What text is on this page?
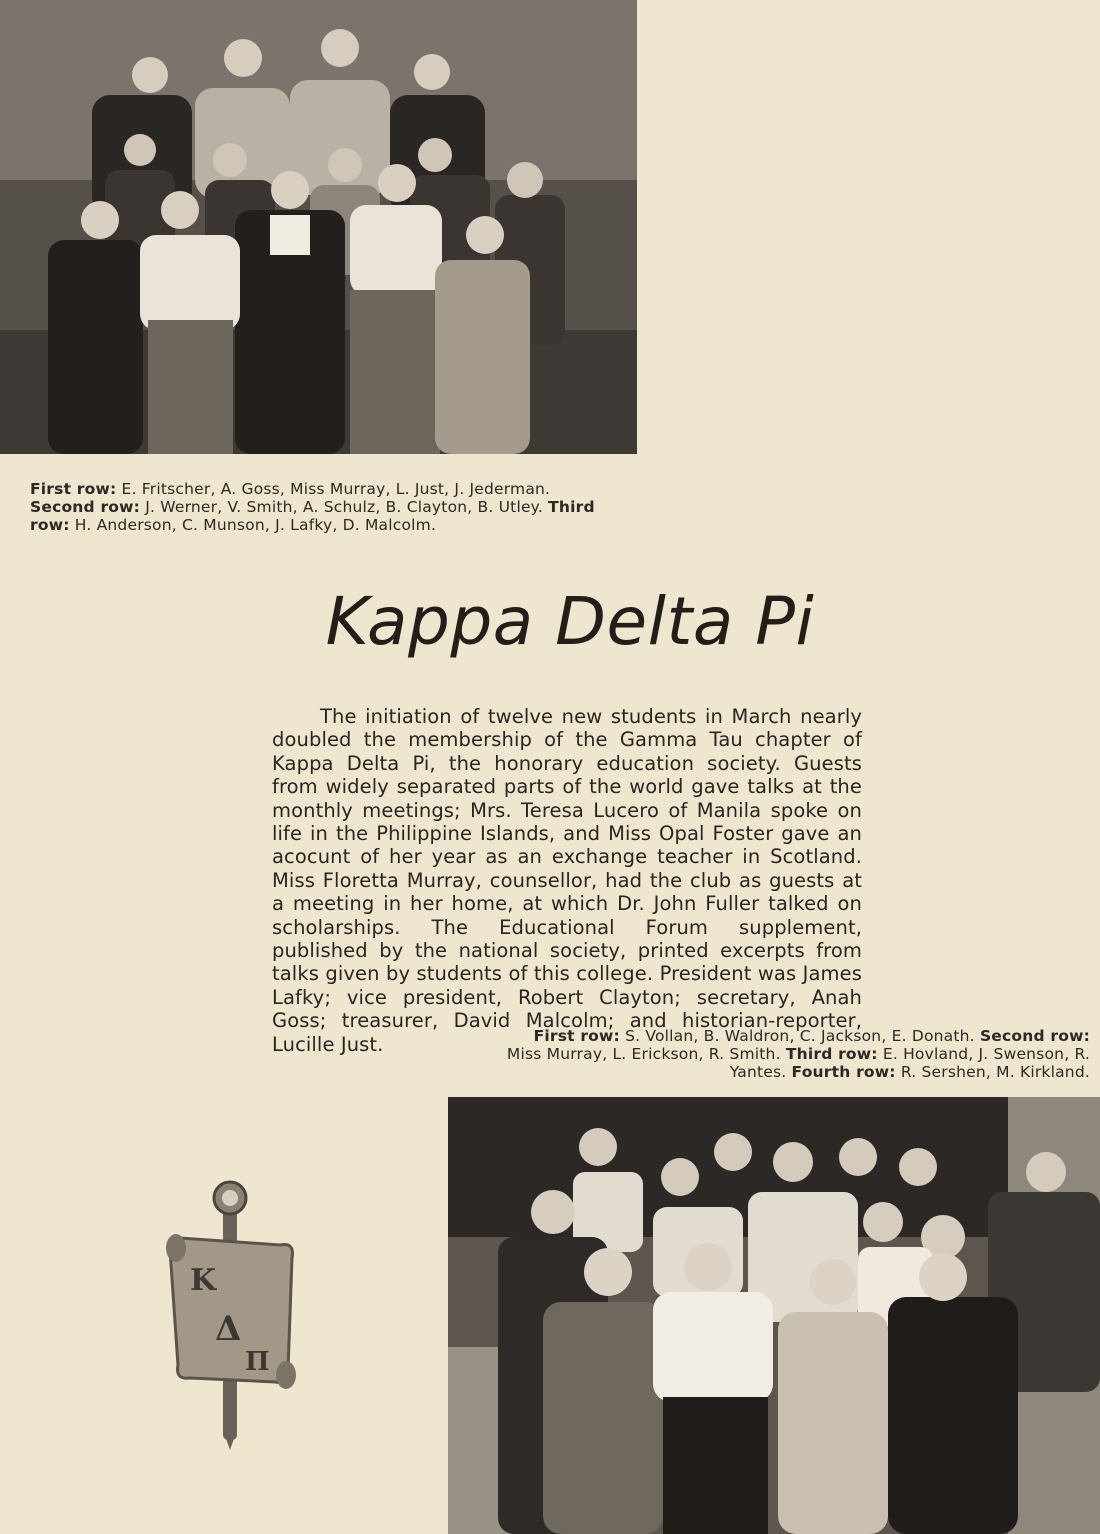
First row: E. Fritscher, A. Goss, Miss Murray, L. Just, J. Jederman. Second row: J. Werner, V. Smith, A. Schulz, B. Clayton, B. Utley. Third row: H. Anderson, C. Munson, J. Lafky, D. Malcolm.
Kappa Delta Pi

The initiation of twelve new students in March nearly doubled the membership of the Gamma Tau chapter of Kappa Delta Pi, the honorary education society. Guests from widely separated parts of the world gave talks at the monthly meetings; Mrs. Teresa Lucero of Manila spoke on life in the Philippine Islands, and Miss Opal Foster gave an acocunt of her year as an exchange teacher in Scotland. Miss Floretta Murray, counsellor, had the club as guests at a meeting in her home, at which Dr. John Fuller talked on scholarships. The Educational Forum supplement, published by the national society, printed excerpts from talks given by students of this college. President was James Lafky; vice president, Robert Clayton; secretary, Anah Goss; treasurer, David Malcolm; and historian-reporter, Lucille Just.	First row: S. Vollan, B. Waldron, C. Jackson, E. Donath. Second row: Miss Murray, L. Erickson, R. Smith. Third row: E. Hovland, J. Swenson, R. Yantes. Fourth row: R. Sershen, M. Kirkland.
Κ
Δ
Π
